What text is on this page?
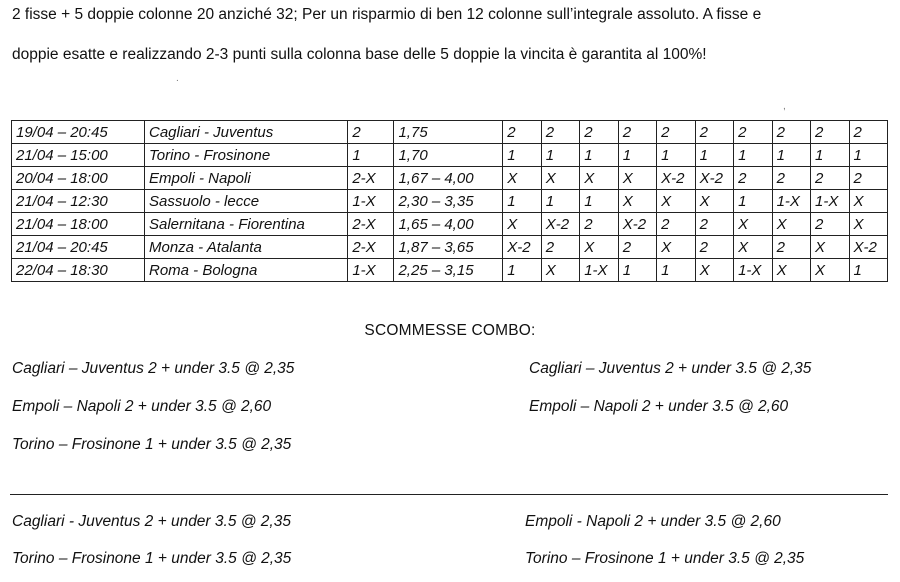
2 fisse + 5 doppie colonne 20 anziché 32; Per un risparmio di ben 12 colonne sull’integrale assoluto. A fisse e

doppie esatte e realizzando 2-3 punti sulla colonna base delle 5 doppie la vincita è garantita al 100%!

19/04 – 20:45	Cagliari - Juventus	2	1,75	2	2	2	2	2	2	2	2	2	2
21/04 – 15:00	Torino - Frosinone	1	1,70	1	1	1	1	1	1	1	1	1	1
20/04 – 18:00	Empoli - Napoli	2-X	1,67 – 4,00	X	X	X	X	X-2	X-2	2	2	2	2
21/04 – 12:30	Sassuolo - lecce	1-X	2,30 – 3,35	1	1	1	X	X	X	1	1-X	1-X	X
21/04 – 18:00	Salernitana - Fiorentina	2-X	1,65 – 4,00	X	X-2	2	X-2	2	2	X	X	2	X
21/04 – 20:45	Monza - Atalanta	2-X	1,87 – 3,65	X-2	2	X	2	X	2	X	2	X	X-2
22/04 – 18:30	Roma - Bologna	1-X	2,25 – 3,15	1	X	1-X	1	1	X	1-X	X	X	1
SCOMMESSE COMBO:
Cagliari – Juventus 2 + under 3.5 @ 2,35
Empoli – Napoli 2 + under 3.5 @ 2,60
Torino – Frosinone 1 + under 3.5 @ 2,35
Cagliari – Juventus 2 + under 3.5 @ 2,35
Empoli – Napoli 2 + under 3.5 @ 2,60
Cagliari - Juventus 2 + under 3.5 @ 2,35
Torino – Frosinone 1 + under 3.5 @ 2,35
Empoli - Napoli 2 + under 3.5 @ 2,60
Torino – Frosinone 1 + under 3.5 @ 2,35
.
,
